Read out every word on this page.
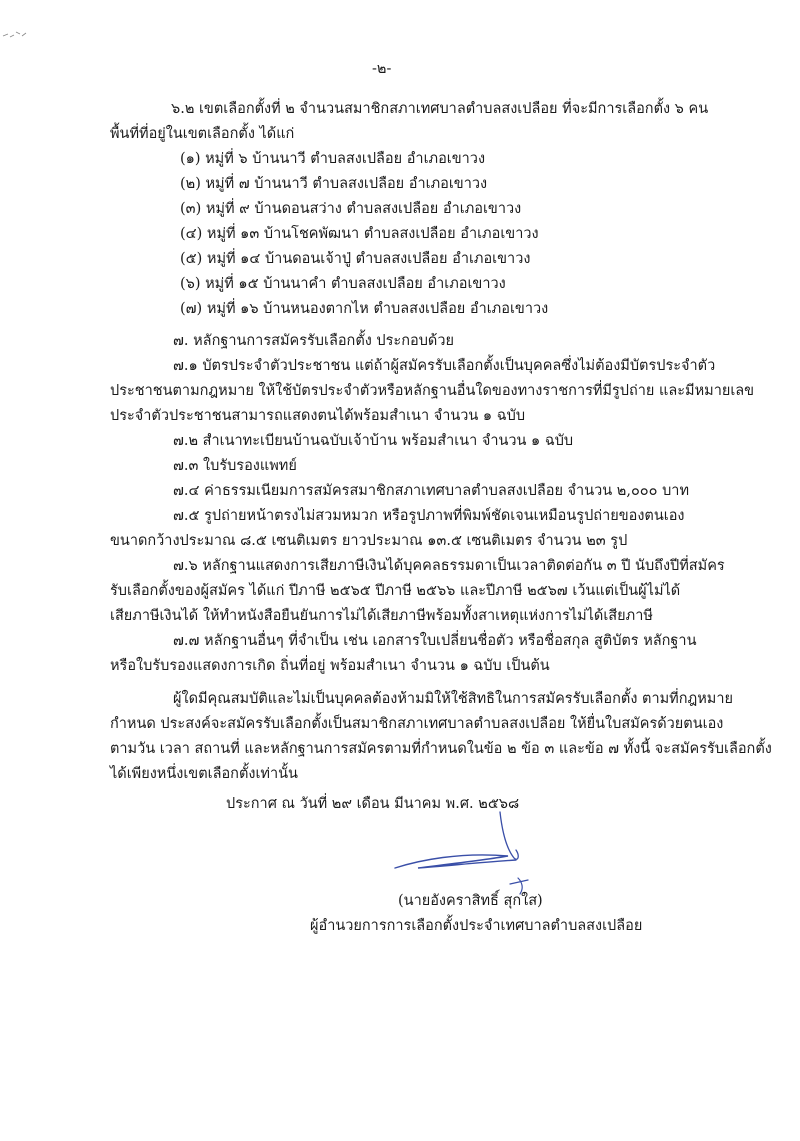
-๒-
๖.๒ เขตเลือกตั้งที่ ๒ จำนวนสมาชิกสภาเทศบาลตำบลสงเปลือย ที่จะมีการเลือกตั้ง ๖ คน
พื้นที่ที่อยู่ในเขตเลือกตั้ง ได้แก่
(๑) หมู่ที่ ๖ บ้านนาวี ตำบลสงเปลือย อำเภอเขาวง
(๒) หมู่ที่ ๗ บ้านนาวี ตำบลสงเปลือย อำเภอเขาวง
(๓) หมู่ที่ ๙ บ้านดอนสว่าง ตำบลสงเปลือย อำเภอเขาวง
(๔) หมู่ที่ ๑๓ บ้านโชคพัฒนา ตำบลสงเปลือย อำเภอเขาวง
(๕) หมู่ที่ ๑๔ บ้านดอนเจ้าปู่ ตำบลสงเปลือย อำเภอเขาวง
(๖) หมู่ที่ ๑๕ บ้านนาคำ ตำบลสงเปลือย อำเภอเขาวง
(๗) หมู่ที่ ๑๖ บ้านหนองตากไห ตำบลสงเปลือย อำเภอเขาวง
๗. หลักฐานการสมัครรับเลือกตั้ง ประกอบด้วย
๗.๑ บัตรประจำตัวประชาชน แต่ถ้าผู้สมัครรับเลือกตั้งเป็นบุคคลซึ่งไม่ต้องมีบัตรประจำตัว
ประชาชนตามกฎหมาย ให้ใช้บัตรประจำตัวหรือหลักฐานอื่นใดของทางราชการที่มีรูปถ่าย และมีหมายเลข
ประจำตัวประชาชนสามารถแสดงตนได้พร้อมสำเนา จำนวน ๑ ฉบับ
๗.๒ สำเนาทะเบียนบ้านฉบับเจ้าบ้าน พร้อมสำเนา จำนวน ๑ ฉบับ
๗.๓ ใบรับรองแพทย์
๗.๔ ค่าธรรมเนียมการสมัครสมาชิกสภาเทศบาลตำบลสงเปลือย จำนวน ๒,๐๐๐ บาท
๗.๕ รูปถ่ายหน้าตรงไม่สวมหมวก หรือรูปภาพที่พิมพ์ชัดเจนเหมือนรูปถ่ายของตนเอง
ขนาดกว้างประมาณ ๘.๕ เซนติเมตร ยาวประมาณ ๑๓.๕ เซนติเมตร จำนวน ๒๓ รูป
๗.๖ หลักฐานแสดงการเสียภาษีเงินได้บุคคลธรรมดาเป็นเวลาติดต่อกัน ๓ ปี นับถึงปีที่สมัคร
รับเลือกตั้งของผู้สมัคร ได้แก่ ปีภาษี ๒๕๖๕ ปีภาษี ๒๕๖๖ และปีภาษี ๒๕๖๗ เว้นแต่เป็นผู้ไม่ได้
เสียภาษีเงินได้ ให้ทำหนังสือยืนยันการไม่ได้เสียภาษีพร้อมทั้งสาเหตุแห่งการไม่ได้เสียภาษี
๗.๗ หลักฐานอื่นๆ ที่จำเป็น เช่น เอกสารใบเปลี่ยนชื่อตัว หรือชื่อสกุล สูติบัตร หลักฐาน
หรือใบรับรองแสดงการเกิด ถิ่นที่อยู่ พร้อมสำเนา จำนวน ๑ ฉบับ เป็นต้น
ผู้ใดมีคุณสมบัติและไม่เป็นบุคคลต้องห้ามมิให้ใช้สิทธิในการสมัครรับเลือกตั้ง ตามที่กฎหมาย
กำหนด ประสงค์จะสมัครรับเลือกตั้งเป็นสมาชิกสภาเทศบาลตำบลสงเปลือย ให้ยื่นใบสมัครด้วยตนเอง
ตามวัน เวลา สถานที่ และหลักฐานการสมัครตามที่กำหนดในข้อ ๒ ข้อ ๓ และข้อ ๗ ทั้งนี้ จะสมัครรับเลือกตั้ง
ได้เพียงหนึ่งเขตเลือกตั้งเท่านั้น
ประกาศ ณ วันที่ ๒๙ เดือน มีนาคม พ.ศ. ๒๕๖๘
(นายอังคราสิทธิ์ สุกใส)
ผู้อำนวยการการเลือกตั้งประจำเทศบาลตำบลสงเปลือย
